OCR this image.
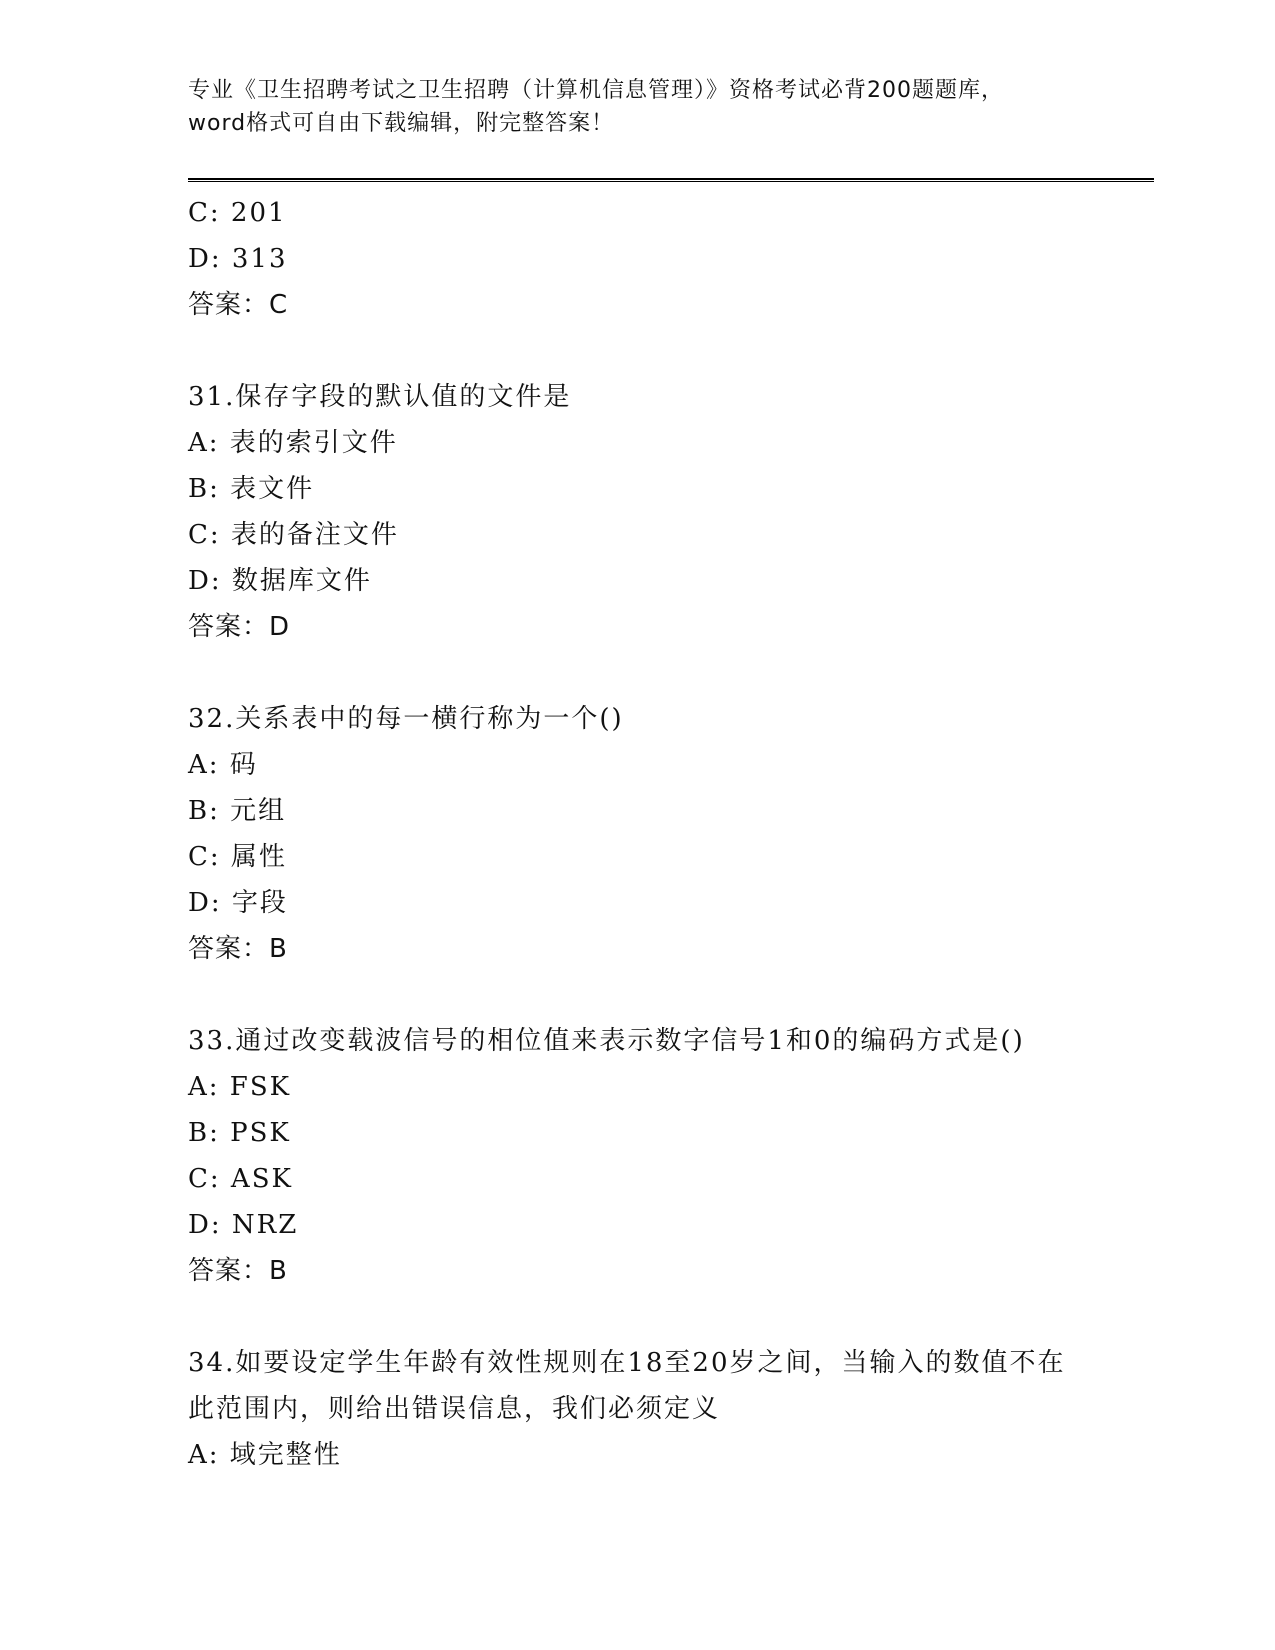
专业《卫生招聘考试之卫生招聘（计算机信息管理）》资格考试必背200题题库，
word格式可自由下载编辑，附完整答案！
C: 201
D: 313
答案：C
31.保存字段的默认值的文件是
A: 表的索引文件
B: 表文件
C: 表的备注文件
D: 数据库文件
答案：D
32.关系表中的每一横行称为一个()
A: 码
B: 元组
C: 属性
D: 字段
答案：B
33.通过改变载波信号的相位值来表示数字信号1和0的编码方式是()
A: FSK
B: PSK
C: ASK
D: NRZ
答案：B
34.如要设定学生年龄有效性规则在18至20岁之间，当输入的数值不在此范围内，则给出错误信息，我们必须定义
A: 域完整性
